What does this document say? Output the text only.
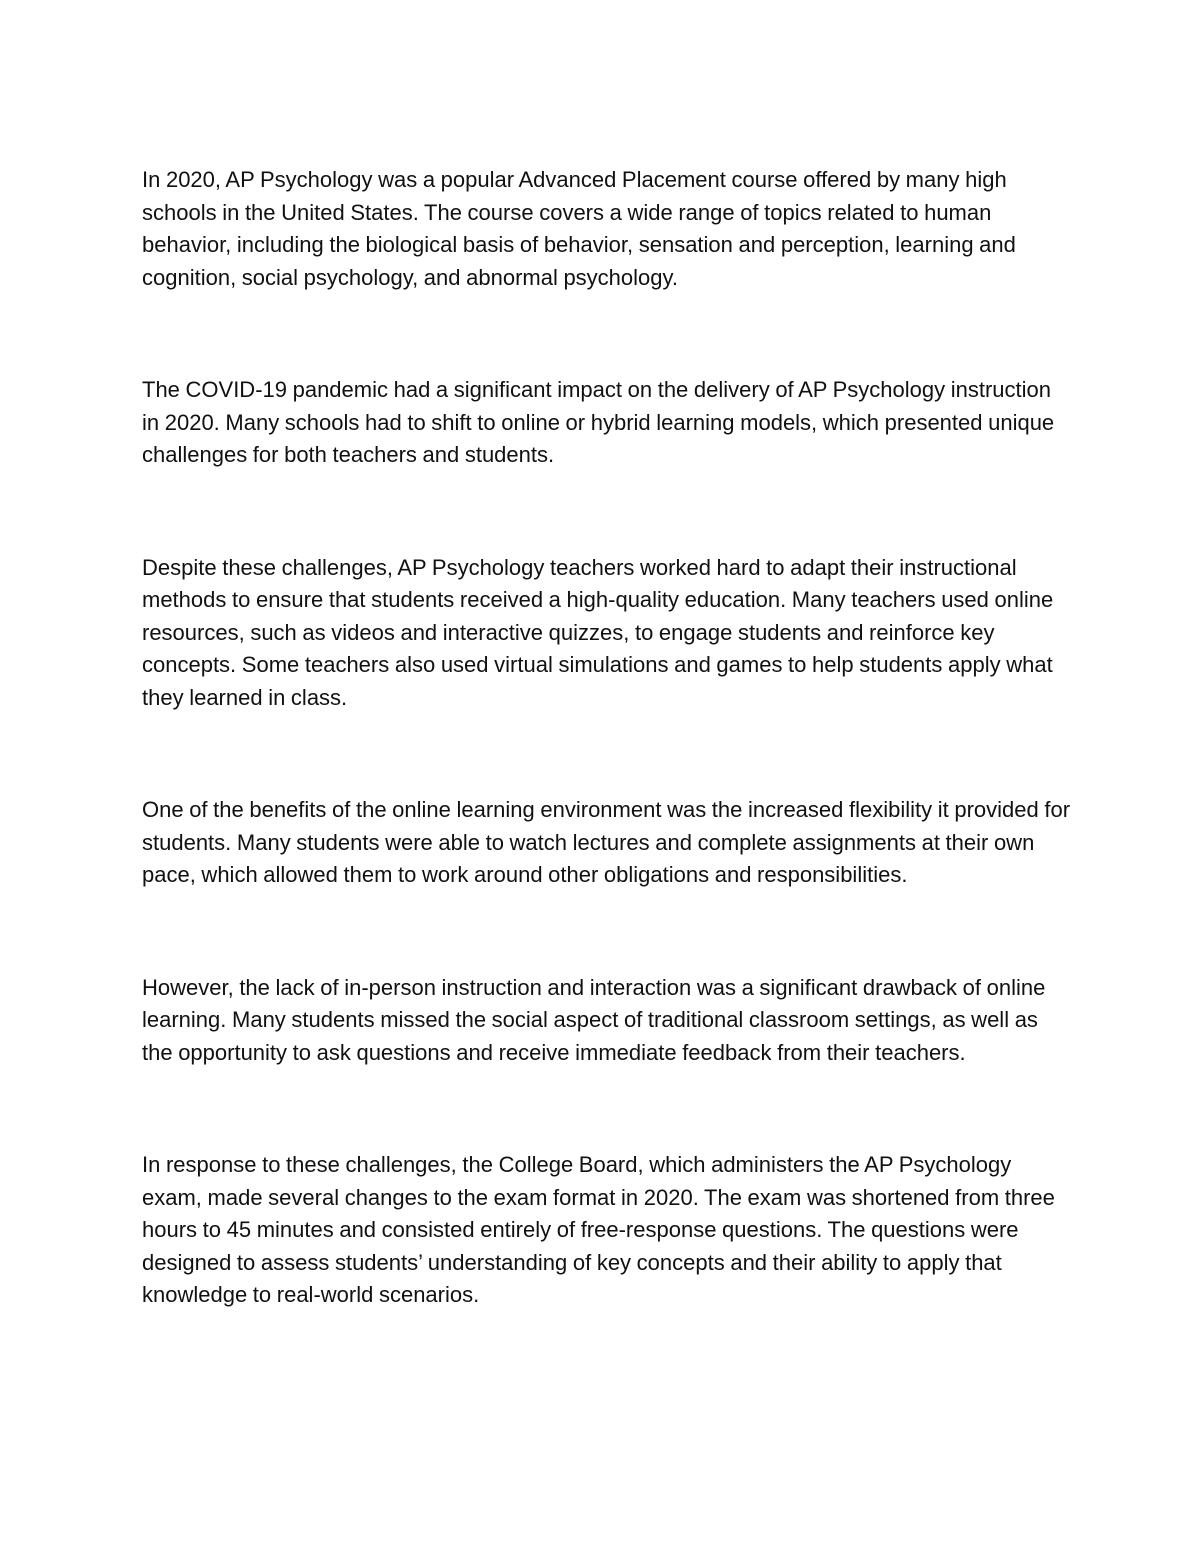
In 2020, AP Psychology was a popular Advanced Placement course offered by many high schools in the United States. The course covers a wide range of topics related to human behavior, including the biological basis of behavior, sensation and perception, learning and cognition, social psychology, and abnormal psychology.

The COVID-19 pandemic had a significant impact on the delivery of AP Psychology instruction in 2020. Many schools had to shift to online or hybrid learning models, which presented unique challenges for both teachers and students.

Despite these challenges, AP Psychology teachers worked hard to adapt their instructional methods to ensure that students received a high-quality education. Many teachers used online resources, such as videos and interactive quizzes, to engage students and reinforce key concepts. Some teachers also used virtual simulations and games to help students apply what they learned in class.

One of the benefits of the online learning environment was the increased flexibility it provided for students. Many students were able to watch lectures and complete assignments at their own pace, which allowed them to work around other obligations and responsibilities.

However, the lack of in-person instruction and interaction was a significant drawback of online learning. Many students missed the social aspect of traditional classroom settings, as well as the opportunity to ask questions and receive immediate feedback from their teachers.

In response to these challenges, the College Board, which administers the AP Psychology exam, made several changes to the exam format in 2020. The exam was shortened from three hours to 45 minutes and consisted entirely of free-response questions. The questions were designed to assess students’ understanding of key concepts and their ability to apply that knowledge to real-world scenarios.
